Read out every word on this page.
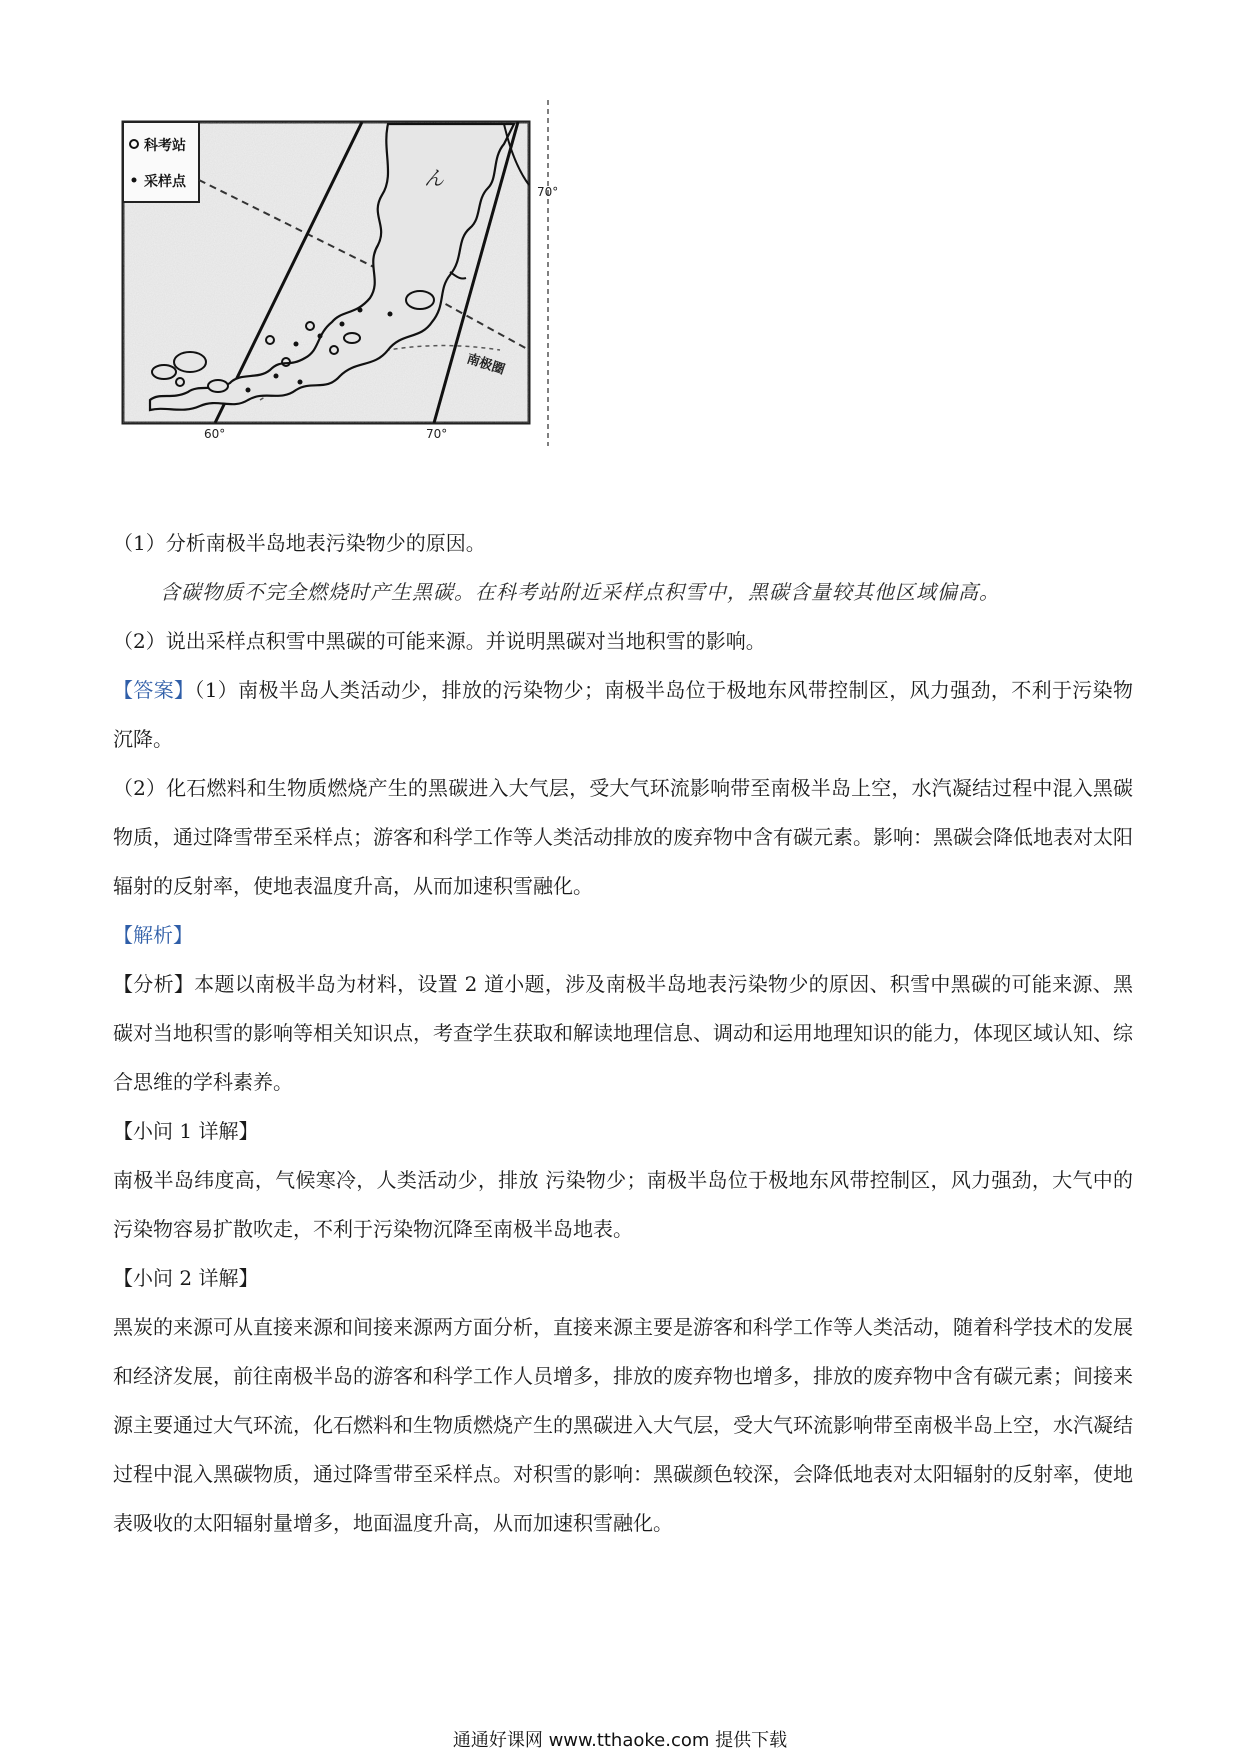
科考站
采样点	ん
70°
60°	70°
南极圈

（1）分析南极半岛地表污染物少的原因。

含碳物质不完全燃烧时产生黑碳。在科考站附近采样点积雪中，黑碳含量较其他区域偏高。

（2）说出采样点积雪中黑碳的可能来源。并说明黑碳对当地积雪的影响。

【答案】（1）南极半岛人类活动少，排放的污染物少；南极半岛位于极地东风带控制区，风力强劲，不利于污染物沉降。

（2）化石燃料和生物质燃烧产生的黑碳进入大气层，受大气环流影响带至南极半岛上空，水汽凝结过程中混入黑碳物质，通过降雪带至采样点；游客和科学工作等人类活动排放的废弃物中含有碳元素。影响：黑碳会降低地表对太阳辐射的反射率，使地表温度升高，从而加速积雪融化。

【解析】

【分析】本题以南极半岛为材料，设置 2 道小题，涉及南极半岛地表污染物少的原因、积雪中黑碳的可能来源、黑碳对当地积雪的影响等相关知识点，考查学生获取和解读地理信息、调动和运用地理知识的能力，体现区域认知、综合思维的学科素养。

【小问 1 详解】

南极半岛纬度高，气候寒冷，人类活动少，排放 污染物少；南极半岛位于极地东风带控制区，风力强劲，大气中的污染物容易扩散吹走，不利于污染物沉降至南极半岛地表。

【小问 2 详解】

黑炭的来源可从直接来源和间接来源两方面分析，直接来源主要是游客和科学工作等人类活动，随着科学技术的发展和经济发展，前往南极半岛的游客和科学工作人员增多，排放的废弃物也增多，排放的废弃物中含有碳元素；间接来源主要通过大气环流，化石燃料和生物质燃烧产生的黑碳进入大气层，受大气环流影响带至南极半岛上空，水汽凝结过程中混入黑碳物质，通过降雪带至采样点。对积雪的影响：黑碳颜色较深，会降低地表对太阳辐射的反射率，使地表吸收的太阳辐射量增多，地面温度升高，从而加速积雪融化。

通通好课网 www.tthaoke.com 提供下载
